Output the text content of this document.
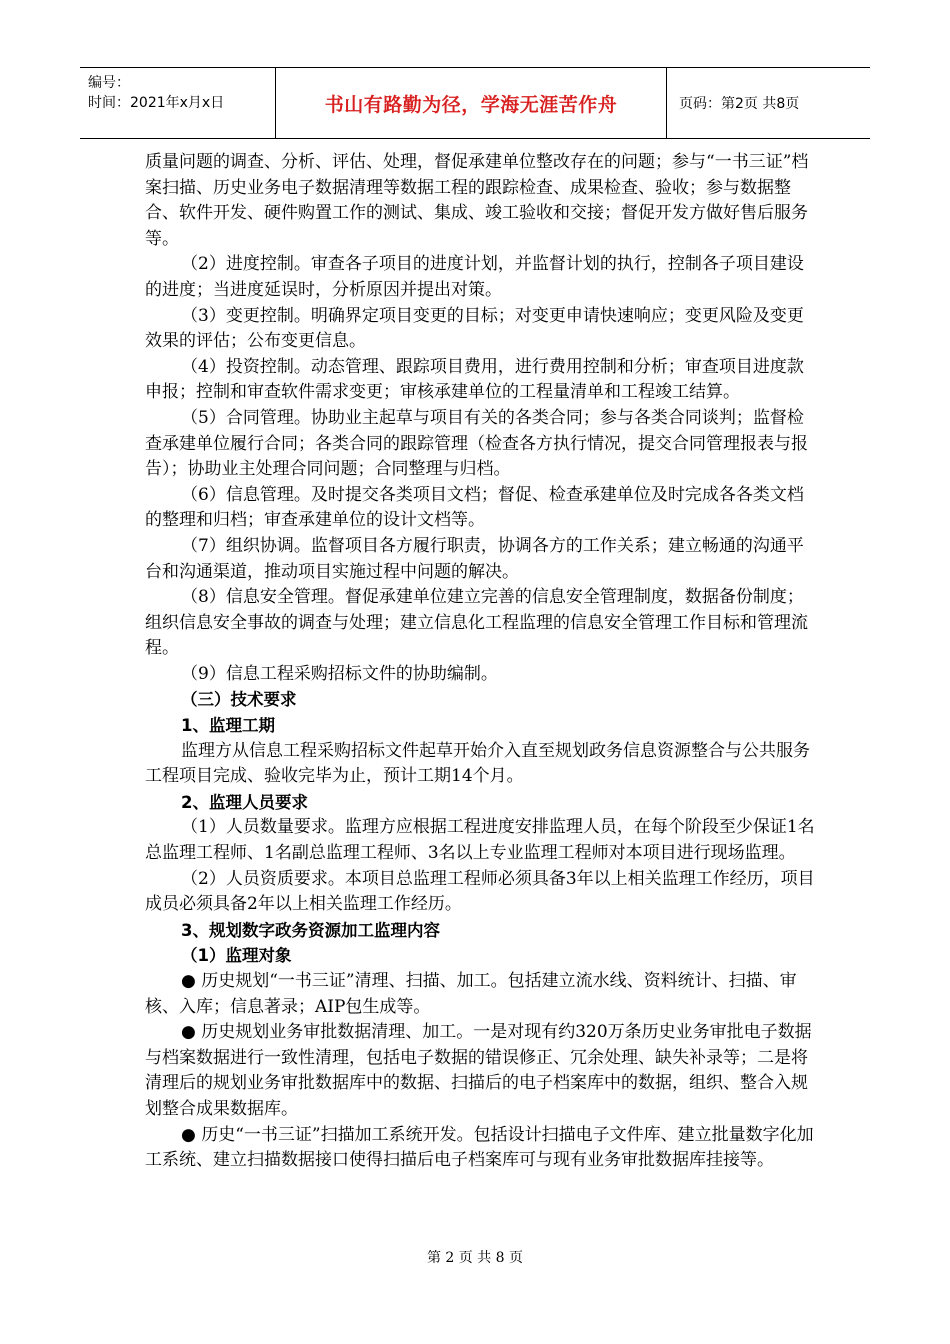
编号：
时间：2021年x月x日	书山有路勤为径，学海无涯苦作舟	页码：第2页 共8页

质量问题的调查、分析、评估、处理，督促承建单位整改存在的问题；参与“一书三证”档案扫描、历史业务电子数据清理等数据工程的跟踪检查、成果检查、验收；参与数据整合、软件开发、硬件购置工作的测试、集成、竣工验收和交接；督促开发方做好售后服务等。

（2）进度控制。审查各子项目的进度计划，并监督计划的执行，控制各子项目建设的进度；当进度延误时，分析原因并提出对策。

（3）变更控制。明确界定项目变更的目标；对变更申请快速响应；变更风险及变更效果的评估；公布变更信息。

（4）投资控制。动态管理、跟踪项目费用，进行费用控制和分析；审查项目进度款申报；控制和审查软件需求变更；审核承建单位的工程量清单和工程竣工结算。

（5）合同管理。协助业主起草与项目有关的各类合同；参与各类合同谈判；监督检查承建单位履行合同；各类合同的跟踪管理（检查各方执行情况，提交合同管理报表与报告）；协助业主处理合同问题；合同整理与归档。

（6）信息管理。及时提交各类项目文档；督促、检查承建单位及时完成各各类文档的整理和归档；审查承建单位的设计文档等。

（7）组织协调。监督项目各方履行职责，协调各方的工作关系；建立畅通的沟通平台和沟通渠道，推动项目实施过程中问题的解决。

（8）信息安全管理。督促承建单位建立完善的信息安全管理制度，数据备份制度；组织信息安全事故的调查与处理；建立信息化工程监理的信息安全管理工作目标和管理流程。

（9）信息工程采购招标文件的协助编制。

（三）技术要求

1、监理工期

监理方从信息工程采购招标文件起草开始介入直至规划政务信息资源整合与公共服务工程项目完成、验收完毕为止，预计工期14个月。

2、监理人员要求

（1）人员数量要求。监理方应根据工程进度安排监理人员，在每个阶段至少保证1名总监理工程师、1名副总监理工程师、3名以上专业监理工程师对本项目进行现场监理。

（2）人员资质要求。本项目总监理工程师必须具备3年以上相关监理工作经历，项目成员必须具备2年以上相关监理工作经历。

3、规划数字政务资源加工监理内容

（1）监理对象

● 历史规划“一书三证”清理、扫描、加工。包括建立流水线、资料统计、扫描、审核、入库；信息著录；AIP包生成等。

● 历史规划业务审批数据清理、加工。一是对现有约320万条历史业务审批电子数据与档案数据进行一致性清理，包括电子数据的错误修正、冗余处理、缺失补录等；二是将清理后的规划业务审批数据库中的数据、扫描后的电子档案库中的数据，组织、整合入规划整合成果数据库。

● 历史“一书三证”扫描加工系统开发。包括设计扫描电子文件库、建立批量数字化加工系统、建立扫描数据接口使得扫描后电子档案库可与现有业务审批数据库挂接等。

第 2 页 共 8 页
